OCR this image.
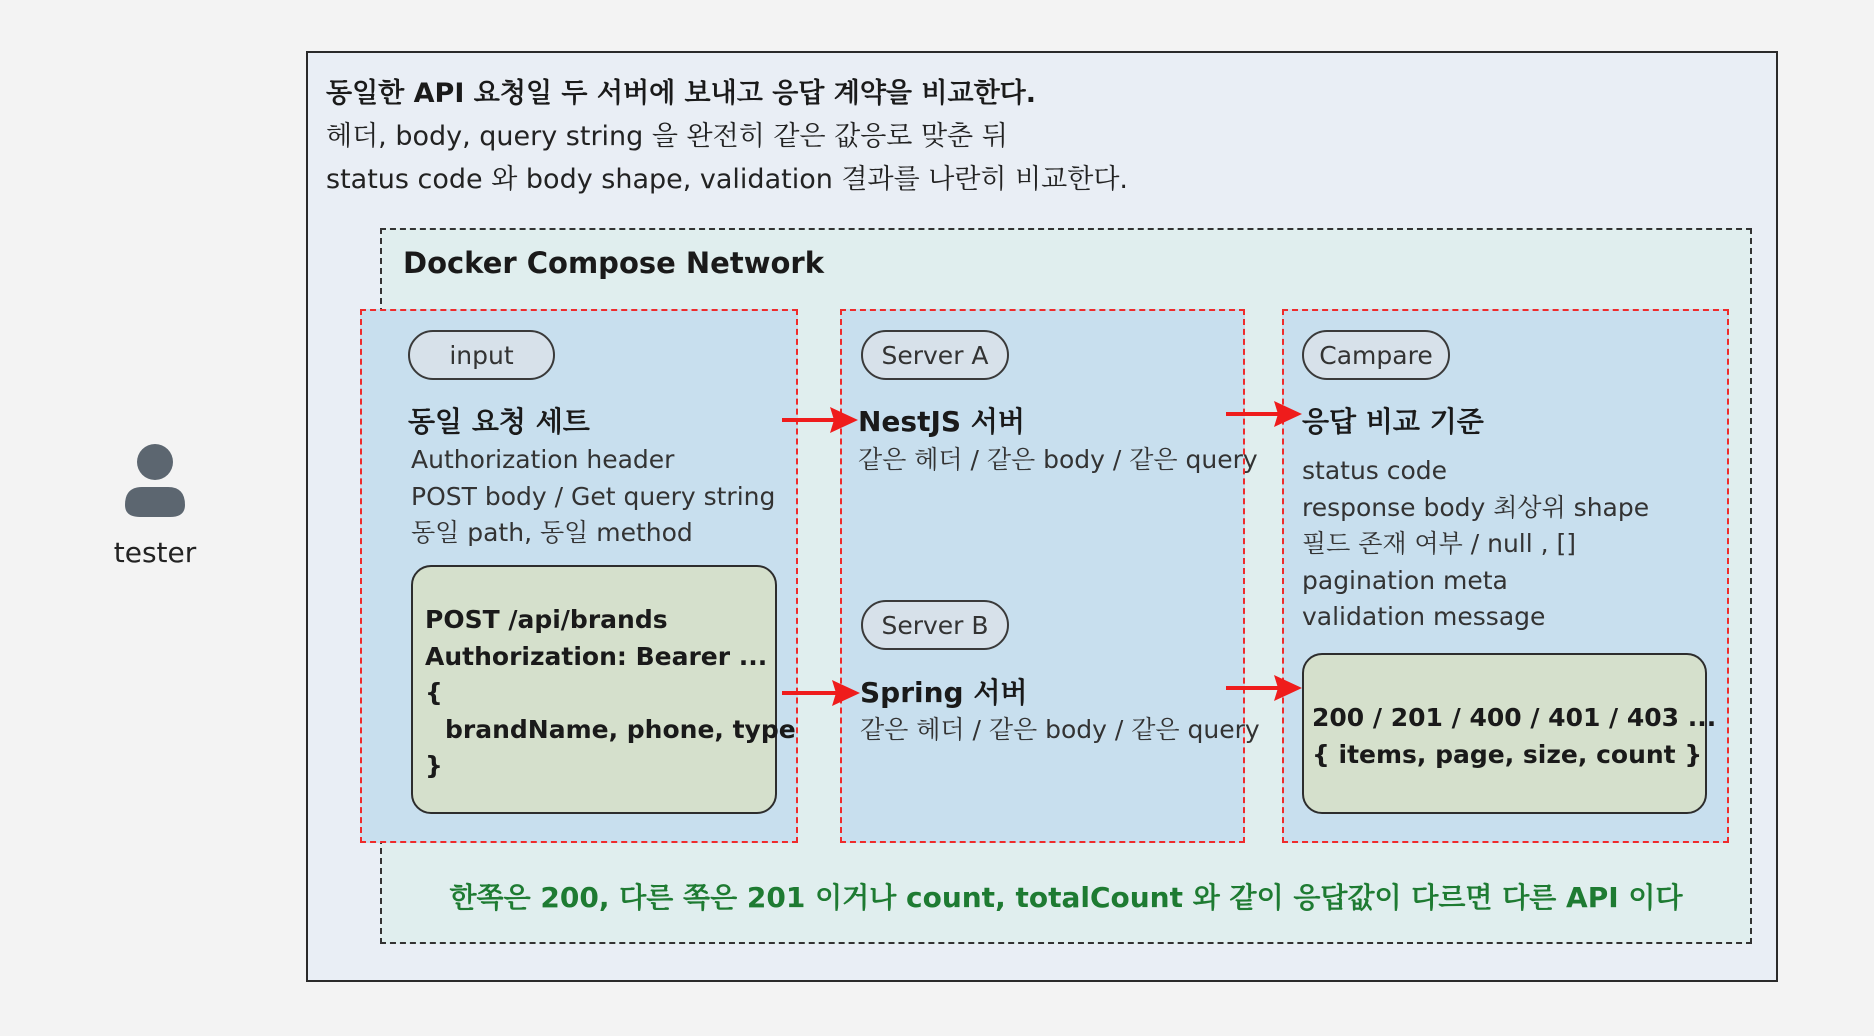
tester
동일한 API 요청일 두 서버에 보내고 응답 계약을 비교한다.
헤더, body, query string 을 완전히 같은 값응로 맞춘 뒤
status code 와 body shape, validation 결과를 나란히 비교한다.
Docker Compose Network
input
동일 요청 세트
Authorization header
POST body / Get query string
동일 path, 동일 method
POST /api/brands
Authorization: Bearer ...
{
brandName, phone, type
}
Server A
NestJS 서버
같은 헤더 / 같은 body / 같은 query
Server B
Spring 서버
같은 헤더 / 같은 body / 같은 query
Campare
응답 비교 기준
status code
response body 최상위 shape
필드 존재 여부 / null , []
pagination meta
validation message
200 / 201 / 400 / 401 / 403 ...
{ items, page, size, count }
한쪽은 200, 다른 쪽은 201 이거나 count, totalCount 와 같이 응답값이 다르면 다른 API 이다
